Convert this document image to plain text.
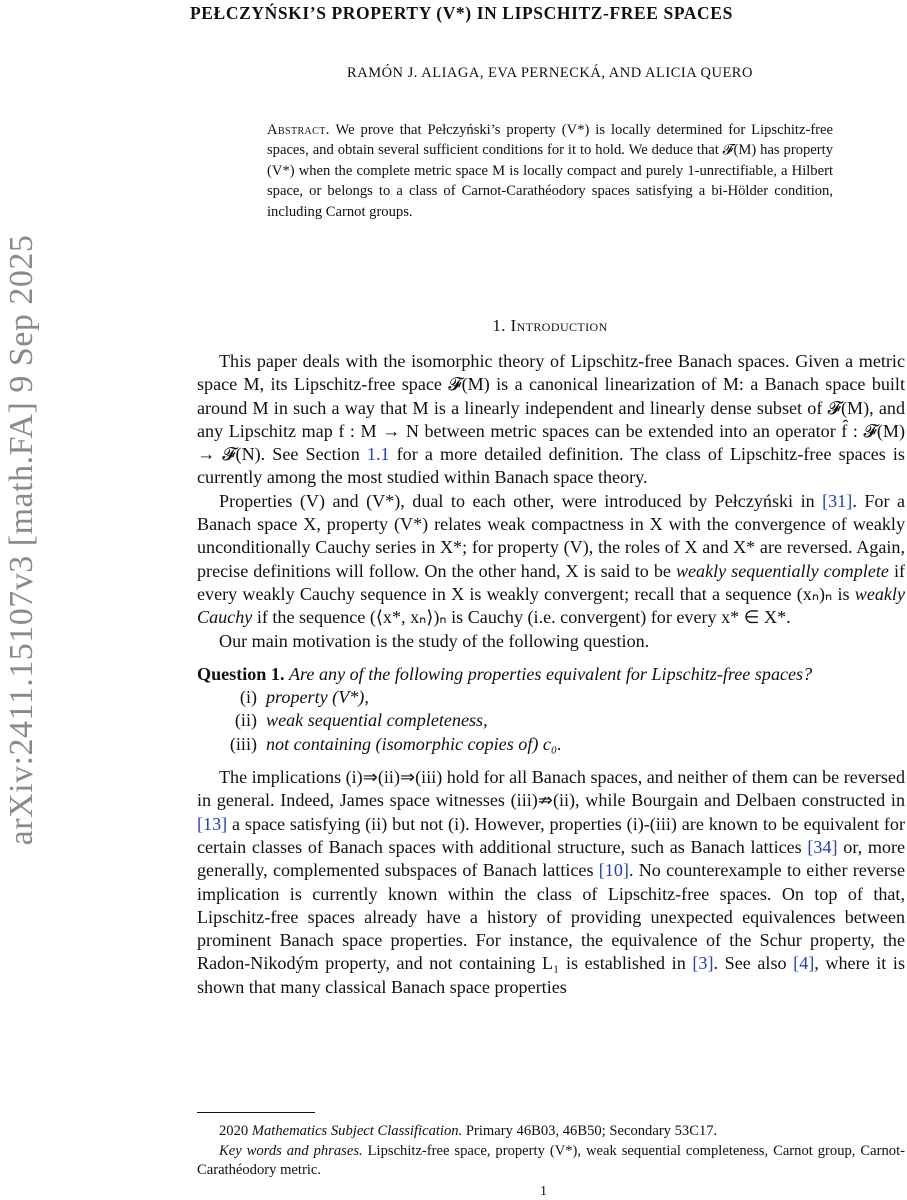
arXiv:2411.15107v3 [math.FA] 9 Sep 2025
PEŁCZYŃSKI’S PROPERTY (V*) IN LIPSCHITZ-FREE SPACES
RAMÓN J. ALIAGA, EVA PERNECKÁ, AND ALICIA QUERO
Abstract. We prove that Pełczyński’s property (V*) is locally determined for Lipschitz-free spaces, and obtain several sufficient conditions for it to hold. We deduce that 𝓕(M) has property (V*) when the complete metric space M is locally compact and purely 1-unrectifiable, a Hilbert space, or belongs to a class of Carnot-Carathéodory spaces satisfying a bi-Hölder condition, including Carnot groups.
1. Introduction

This paper deals with the isomorphic theory of Lipschitz-free Banach spaces. Given a metric space M, its Lipschitz-free space 𝓕(M) is a canonical linearization of M: a Banach space built around M in such a way that M is a linearly independent and linearly dense subset of 𝓕(M), and any Lipschitz map f : M → N between metric spaces can be extended into an operator f̂ : 𝓕(M) → 𝓕(N). See Section 1.1 for a more detailed definition. The class of Lipschitz-free spaces is currently among the most studied within Banach space theory.

Properties (V) and (V*), dual to each other, were introduced by Pełczyński in [31]. For a Banach space X, property (V*) relates weak compactness in X with the convergence of weakly unconditionally Cauchy series in X*; for property (V), the roles of X and X* are reversed. Again, precise definitions will follow. On the other hand, X is said to be weakly sequentially complete if every weakly Cauchy sequence in X is weakly convergent; recall that a sequence (xₙ)ₙ is weakly Cauchy if the sequence (⟨x*, xₙ⟩)ₙ is Cauchy (i.e. convergent) for every x* ∈ X*.

Our main motivation is the study of the following question.

Question 1. Are any of the following properties equivalent for Lipschitz-free spaces?

(i) property (V*),
(ii) weak sequential completeness,
(iii) not containing (isomorphic copies of) c₀.

The implications (i)⇒(ii)⇒(iii) hold for all Banach spaces, and neither of them can be reversed in general. Indeed, James space witnesses (iii)⇏(ii), while Bourgain and Delbaen constructed in [13] a space satisfying (ii) but not (i). However, properties (i)-(iii) are known to be equivalent for certain classes of Banach spaces with additional structure, such as Banach lattices [34] or, more generally, complemented subspaces of Banach lattices [10]. No counterexample to either reverse implication is currently known within the class of Lipschitz-free spaces. On top of that, Lipschitz-free spaces already have a history of providing unexpected equivalences between prominent Banach space properties. For instance, the equivalence of the Schur property, the Radon-Nikodým property, and not containing L₁ is established in [3]. See also [4], where it is shown that many classical Banach space properties

2020 Mathematics Subject Classification. Primary 46B03, 46B50; Secondary 53C17.

Key words and phrases. Lipschitz-free space, property (V*), weak sequential completeness, Carnot group, Carnot-Carathéodory metric.

1
